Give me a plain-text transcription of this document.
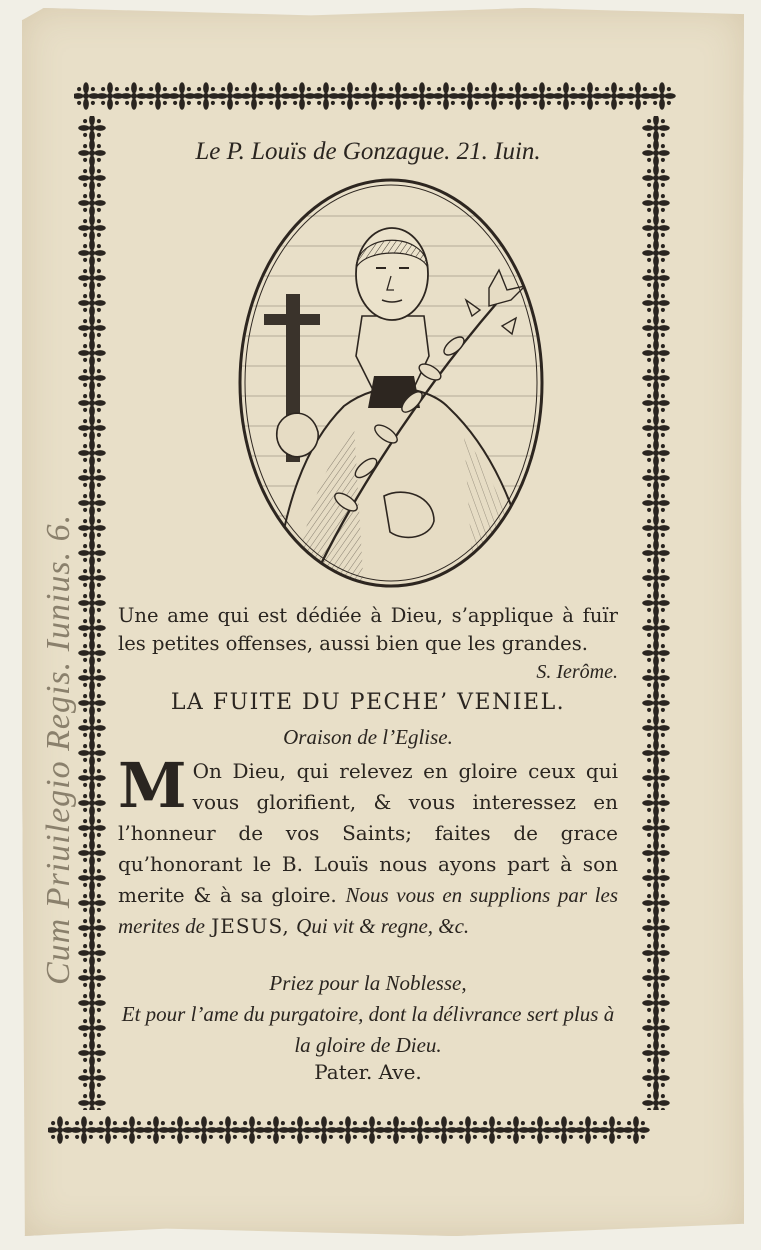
Cum Priuilegio Regis. Iunius. 6.
Le P. Louïs de Gonzague. 21. Iuin.
Une ame qui est dédiée à Dieu, s’applique à fuïr les petites offenses, aussi bien que les grandes.
S. Ierôme.
LA FUITE DU PECHE’ VENIEL.
Oraison de l’Eglise.
M On Dieu, qui relevez en gloire ceux qui vous glorifient, & vous interessez en l’honneur de vos Saints; faites de grace qu’honorant le B. Louïs nous ayons part à son merite & à sa gloire. Nous vous en supplions par les merites de JESUS, Qui vit & regne, &c.
Priez pour la Noblesse,
Et pour l’ame du purgatoire, dont la délivrance sert plus à la gloire de Dieu.
Pater. Ave.
